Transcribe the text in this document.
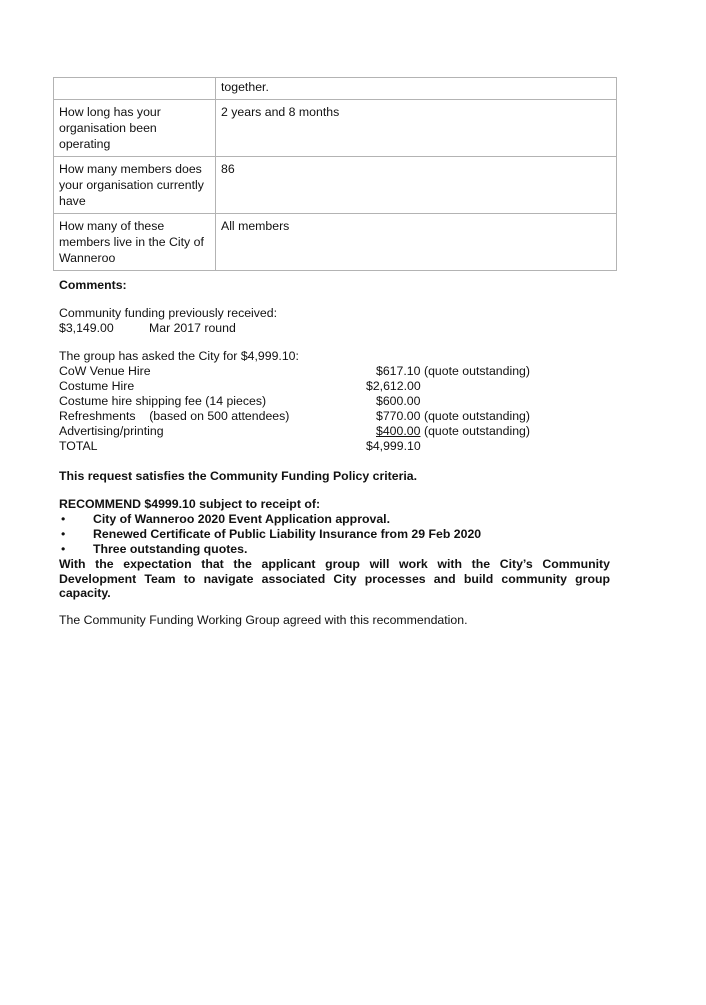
	together.
How long has your organisation been operating	2 years and 8 months
How many members does your organisation currently have	86
How many of these members live in the City of Wanneroo	All members
Comments:
Community funding previously received:
$3,149.00	Mar 2017 round
The group has asked the City for $4,999.10:
CoW Venue Hire	$617.10 (quote outstanding)
Costume Hire	$2,612.00
Costume hire shipping fee (14 pieces)	$600.00
Refreshments    (based on 500 attendees)	$770.00 (quote outstanding)
Advertising/printing	$400.00 (quote outstanding)
TOTAL	$4,999.10
This request satisfies the Community Funding Policy criteria.
RECOMMEND $4999.10 subject to receipt of:
• City of Wanneroo 2020 Event Application approval.
• Renewed Certificate of Public Liability Insurance from 29 Feb 2020
• Three outstanding quotes.
With the expectation that the applicant group will work with the City’s Community Development Team to navigate associated City processes and build community group capacity.
The Community Funding Working Group agreed with this recommendation.
